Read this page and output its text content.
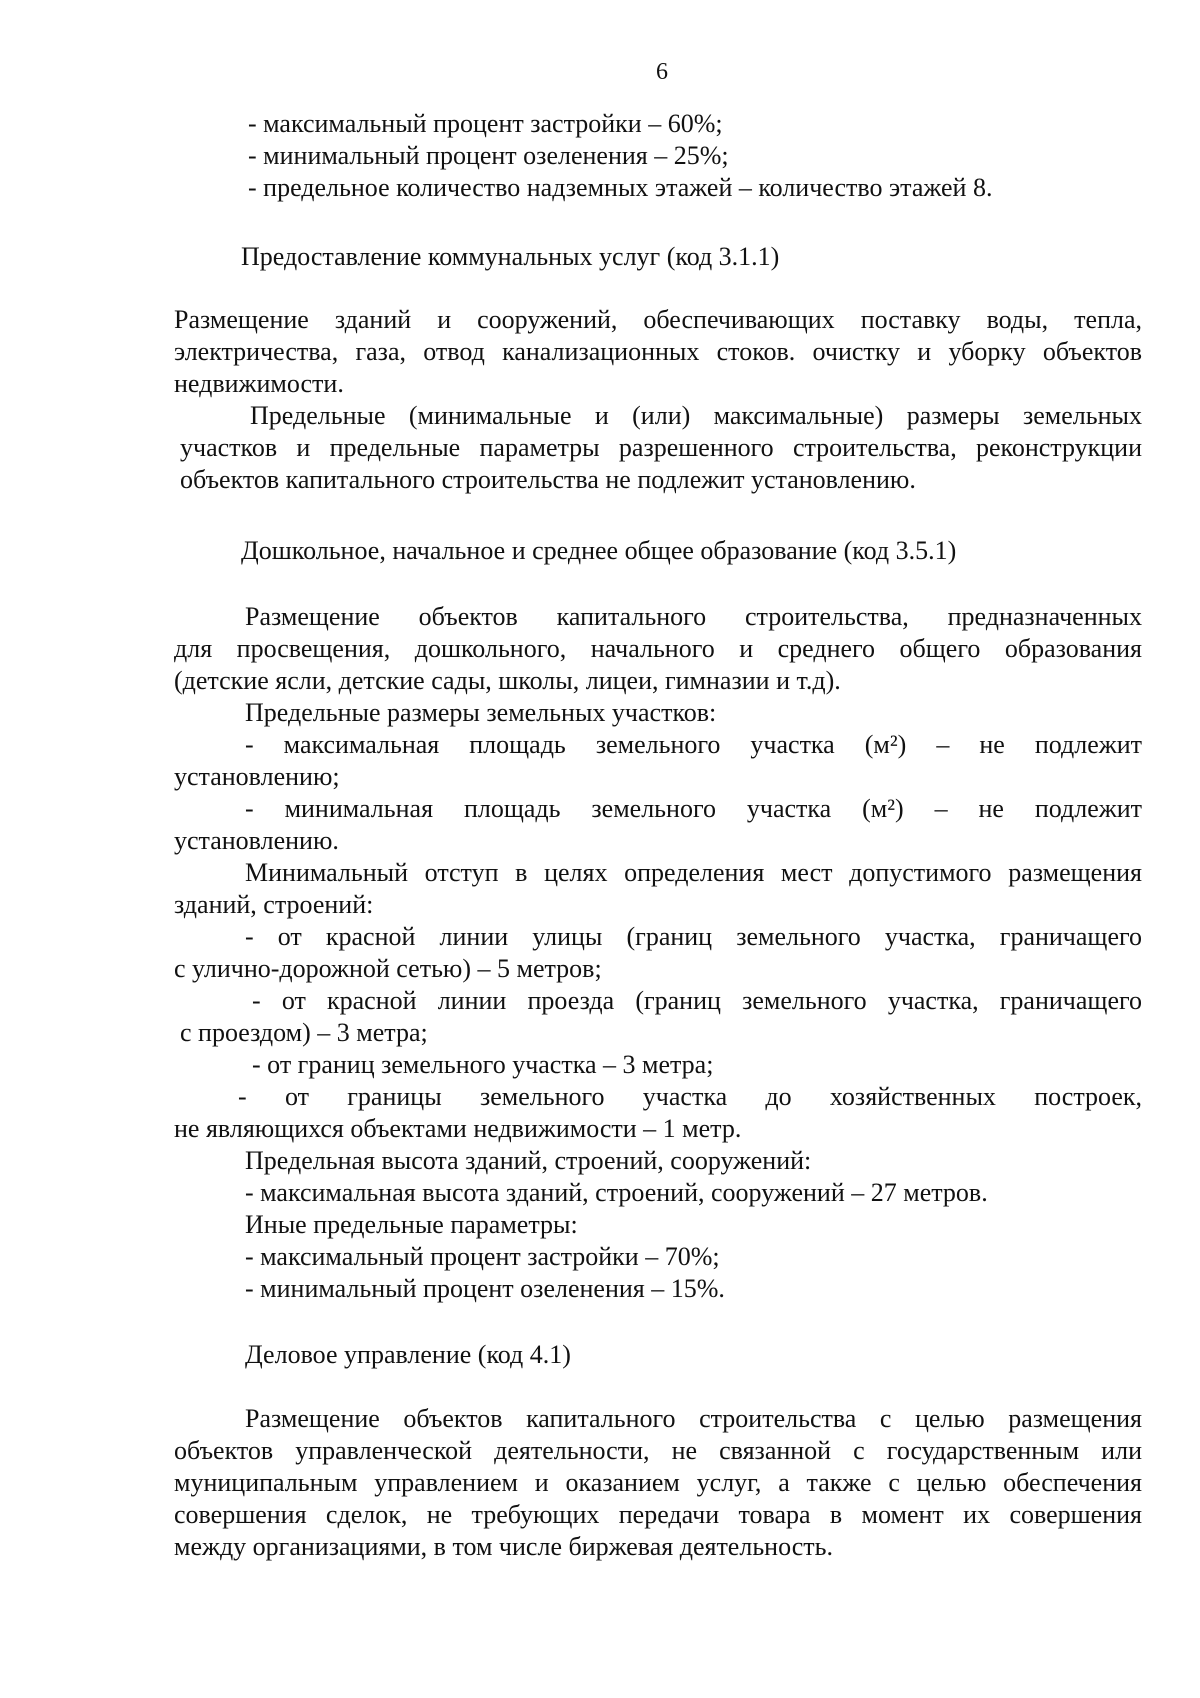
6
- максимальный процент застройки – 60%;
- минимальный процент озеленения – 25%;
- предельное количество надземных этажей – количество этажей 8.
Предоставление коммунальных услуг (код 3.1.1)
Размещение зданий и сооружений, обеспечивающих поставку воды, тепла,
электричества, газа, отвод канализационных стоков. очистку и уборку объектов
недвижимости.
Предельные (минимальные и (или) максимальные) размеры земельных
участков и предельные параметры разрешенного строительства, реконструкции
объектов капитального строительства не подлежит установлению.
Дошкольное, начальное и среднее общее образование (код 3.5.1)
Размещение объектов капитального строительства, предназначенных
для просвещения, дошкольного, начального и среднего общего образования
(детские ясли, детские сады, школы, лицеи, гимназии и т.д).
Предельные размеры земельных участков:
- максимальная площадь земельного участка (м²) – не подлежит
установлению;
- минимальная площадь земельного участка (м²) – не подлежит
установлению.
Минимальный отступ в целях определения мест допустимого размещения
зданий, строений:
- от красной линии улицы (границ земельного участка, граничащего
с улично-дорожной сетью) – 5 метров;
- от красной линии проезда (границ земельного участка, граничащего
с проездом) – 3 метра;
- от границ земельного участка – 3 метра;
- от границы земельного участка до хозяйственных построек,
не являющихся объектами недвижимости – 1 метр.
Предельная высота зданий, строений, сооружений:
- максимальная высота зданий, строений, сооружений – 27 метров.
Иные предельные параметры:
- максимальный процент застройки – 70%;
- минимальный процент озеленения – 15%.
Деловое управление (код 4.1)
Размещение объектов капитального строительства с целью размещения
объектов управленческой деятельности, не связанной с государственным или
муниципальным управлением и оказанием услуг, а также с целью обеспечения
совершения сделок, не требующих передачи товара в момент их совершения
между организациями, в том числе биржевая деятельность.
